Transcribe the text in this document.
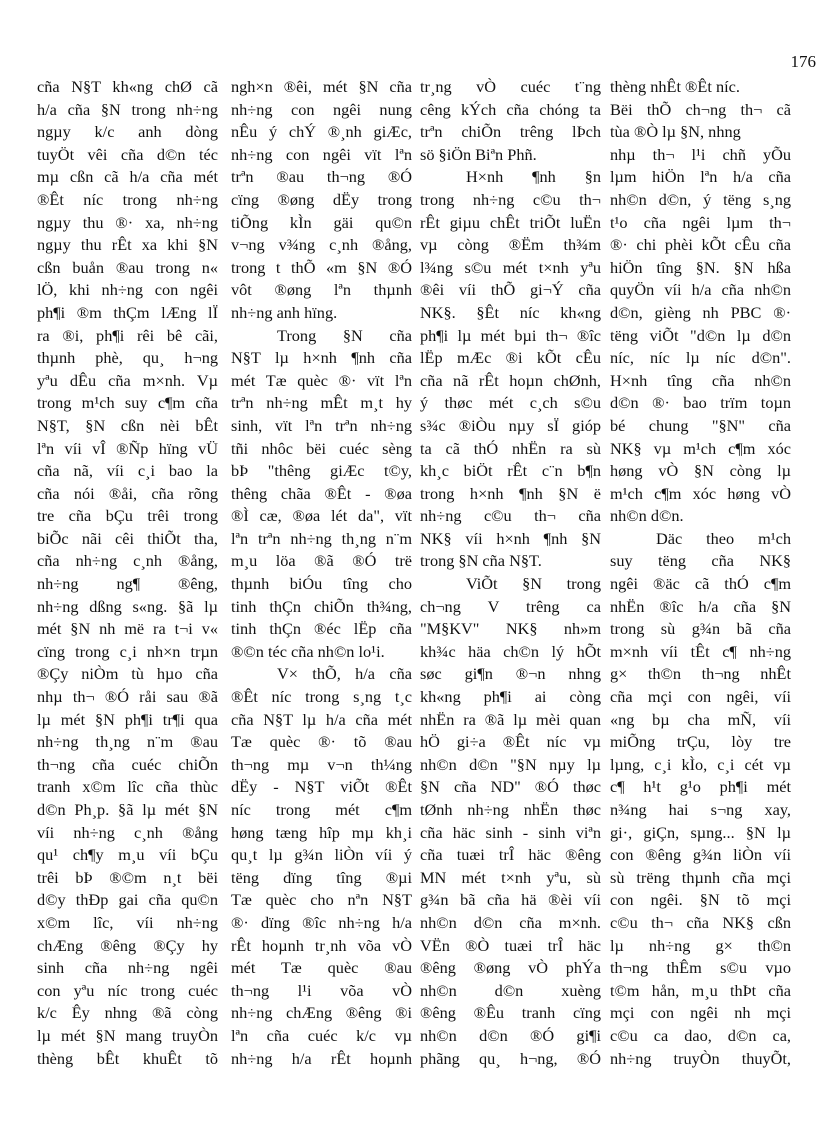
176
cña N§T kh«ng chØ cã
h/a cña §N trong nh÷ng
ngµy k/c anh dòng
tuyÖt vêi cña d©n téc
mµ cßn cã h/a cña mét
®Êt níc trong nh÷ng
ngµy thu ®· xa, nh÷ng
ngµy thu rÊt xa khi §N
cßn buån ®au trong n«
lÖ, khi nh÷ng con ngêi
ph¶i ®m thÇm lÆng lÏ
ra ®i, ph¶i rêi bê cãi,
thµnh phè, qu¸ h¬ng
yªu dÊu cña m×nh. Vµ
trong m¹ch suy c¶m cña
N§T, §N cßn nèi bÊt
lªn víi vÎ ®Ñp hïng vÜ
cña nã, víi c¸i bao la
cña nói ®åi, cña rõng
tre cña bÇu trêi trong
biÕc nãi cêi thiÕt tha,
cña nh÷ng c¸nh ®ång,
nh÷ng ng¶ ®êng,
nh÷ng dßng s«ng. §ã lµ
mét §N nh më ra t¬i v«
cïng trong c¸i nh×n trµn
®Çy niÒm tù hµo cña
nhµ th¬ ®Ó råi sau ®ã
lµ mét §N ph¶i tr¶i qua
nh÷ng th¸ng n¨m ®au
th¬ng cña cuéc chiÕn
tranh x©m lîc cña thùc
d©n Ph¸p. §ã lµ mét §N
víi nh÷ng c¸nh ®ång
qu¹ ch¶y m¸u víi bÇu
trêi bÞ ®©m n¸t bëi
d©y thÐp gai cña qu©n
x©m lîc, víi nh÷ng
chÆng ®êng ®Çy hy
sinh cña nh÷ng ngêi
con yªu níc trong cuéc
k/c Êy nhng ®ã còng
lµ mét §N mang truyÒn
thèng bÊt khuÊt tõ
ngh×n ®êi, mét §N cña
nh÷ng con ngêi nung
nÊu ý chÝ ®¸nh giÆc,
nh÷ng con ngêi vït lªn
trªn ®au th¬ng ®Ó
cïng ®øng dËy trong
tiÕng kÌn gäi qu©n
v¬ng v¾ng c¸nh ®ång,
trong t thÕ «m §N ®Ó
vôt ®øng lªn thµnh
nh÷ng anh hïng.
Trong §N cña
N§T lµ h×nh ¶nh cña
mét Tæ quèc ®· vït lªn
trªn nh÷ng mÊt m¸t hy
sinh, vït lªn trªn nh÷ng
tñi nhôc bëi cuéc sèng
bÞ "thêng giÆc t©y,
thêng chãa ®Êt - ®øa
®Ì cæ, ®øa lét da", vït
lªn trªn nh÷ng th¸ng n¨m
m¸u löa ®ã ®Ó trë
thµnh biÓu tîng cho
tinh thÇn chiÕn th¾ng,
tinh thÇn ®éc lËp cña
®©n téc cña nh©n lo¹i.
V× thÕ, h/a cña
®Êt níc trong s¸ng t¸c
cña N§T lµ h/a cña mét
Tæ quèc ®· tõ ®au
th¬ng mµ v¬n th¼ng
dËy - N§T viÕt ®Êt
níc trong mét c¶m
høng tæng hîp mµ kh¸i
qu¸t lµ g¾n liÒn víi ý
tëng dïng tîng ®µi
Tæ quèc cho nªn N§T
®· dïng ®îc nh÷ng h/a
rÊt hoµnh tr¸nh võa vÒ
mét Tæ quèc ®au
th¬ng l¹i võa vÒ
nh÷ng chÆng ®êng ®i
lªn cña cuéc k/c vµ
nh÷ng h/a rÊt hoµnh
tr¸ng vÒ cuéc t¨ng
cêng kÝch cña chóng ta
trªn chiÕn trêng lÞch
sö §iÖn Biªn Phñ.
H×nh ¶nh §n
trong nh÷ng c©u th¬
rÊt giµu chÊt triÕt luËn
vµ còng ®Ëm th¾m
l¾ng s©u mét t×nh yªu
®êi víi thÕ gi¬Ý cña
NK§. §Êt níc kh«ng
ph¶i lµ mét bµi th¬ ®îc
lËp mÆc ®i kÕt cÊu
cña nã rÊt hoµn chØnh,
ý thøc mét c¸ch s©u
s¾c ®iÒu nµy sÏ gióp
ta cã thÓ nhËn ra sù
kh¸c biÖt rÊt c¨n b¶n
trong h×nh ¶nh §N ë
nh÷ng c©u th¬ cña
NK§ víi h×nh ¶nh §N
trong §N cña N§T.
ViÕt §N trong
ch¬ng V trêng ca
"M§KV" NK§ nh»m
kh¾c häa ch©n lý hÕt
søc gi¶n ®¬n nhng
kh«ng ph¶i ai còng
nhËn ra ®ã lµ mèi quan
hÖ gi÷a ®Êt níc vµ
nh©n d©n "§N nµy lµ
§N cña ND" ®Ó thøc
tØnh nh÷ng nhËn thøc
cña häc sinh - sinh viªn
cña tuæi trÎ häc ®êng
MN mét t×nh yªu, sù
g¾n bã cña hä ®èi víi
nh©n d©n cña m×nh.
VËn ®Ò tuæi trÎ häc
®êng ®øng vÒ phÝa
nh©n d©n xuèng
®êng ®Êu tranh cïng
nh©n d©n ®Ó gi¶i
phãng qu¸ h¬ng, ®Ó
thèng nhÊt ®Êt níc.
Bëi thÕ ch¬ng th¬ cã
tùa ®Ò lµ §N, nhng
nhµ th¬ l¹i chñ yÕu
lµm hiÖn lªn h/a cña
nh©n d©n, ý tëng s¸ng
t¹o cña ngêi lµm th¬
®· chi phèi kÕt cÊu cña
hiÖn tîng §N. §N hßa
quyÖn víi h/a cña nh©n
d©n, gièng nh PBC ®·
tëng viÕt "d©n lµ d©n
níc, níc lµ níc d©n".
H×nh tîng cña nh©n
d©n ®· bao trïm toµn
bé chung "§N" cña
NK§ vµ m¹ch c¶m xóc
høng vÒ §N còng lµ
m¹ch c¶m xóc høng vÒ
nh©n d©n.
Däc theo m¹ch
suy tëng cña NK§
ngêi ®äc cã thÓ c¶m
nhËn ®îc h/a cña §N
trong sù g¾n bã cña
m×nh víi tÊt c¶ nh÷ng
g× th©n th¬ng nhÊt
cña mçi con ngêi, víi
«ng bµ cha mÑ, víi
miÕng trÇu, lòy tre
lµng, c¸i kÌo, c¸i cét vµ
c¶ h¹t g¹o ph¶i mét
n¾ng hai s¬ng xay,
gi·, giÇn, sµng... §N lµ
con ®êng g¾n liÒn víi
sù trëng thµnh cña mçi
con ngêi. §N tõ mçi
c©u th¬ cña NK§ cßn
lµ nh÷ng g× th©n
th¬ng thÊm s©u vµo
t©m hån, m¸u thÞt cña
mçi con ngêi nh mçi
c©u ca dao, d©n ca,
nh÷ng truyÒn thuyÕt,
